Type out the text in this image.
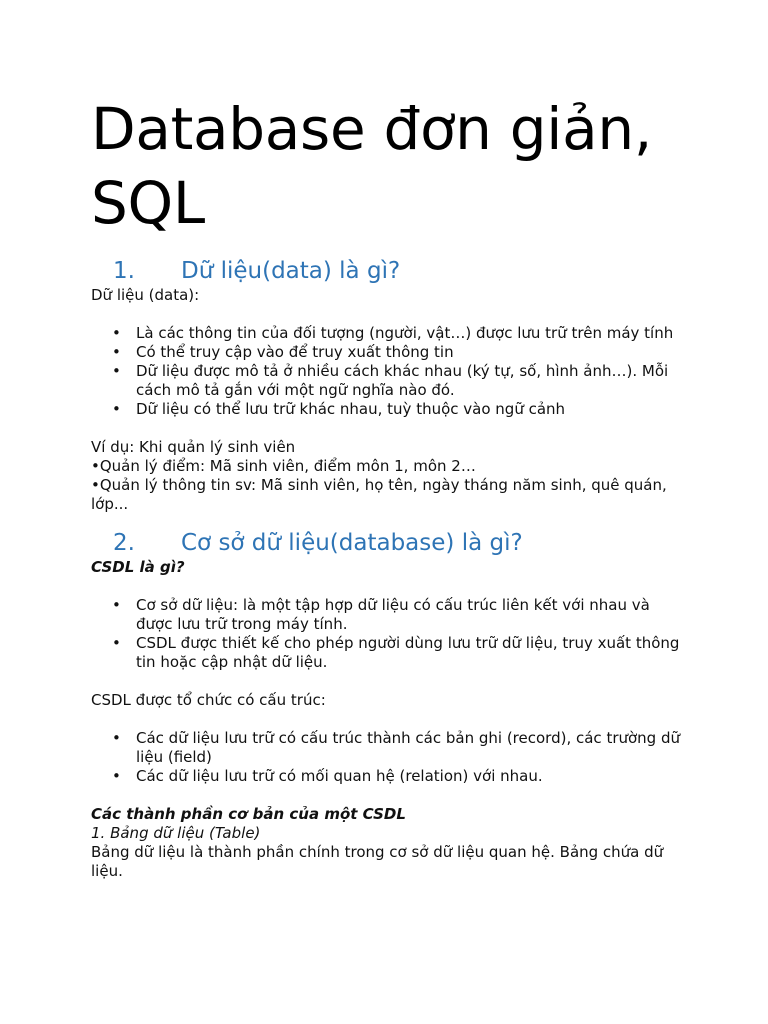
Database đơn giản, SQL
1.	Dữ liệu(data) là gì?

Dữ liệu (data):

• Là các thông tin của đối tượng (người, vật…) được lưu trữ trên máy tính
• Có thể truy cập vào để truy xuất thông tin
• Dữ liệu được mô tả ở nhiều cách khác nhau (ký tự, số, hình ảnh…). Mỗi cách mô tả gắn với một ngữ nghĩa nào đó.
• Dữ liệu có thể lưu trữ khác nhau, tuỳ thuộc vào ngữ cảnh

Ví dụ: Khi quản lý sinh viên

•Quản lý điểm: Mã sinh viên, điểm môn 1, môn 2…

•Quản lý thông tin sv: Mã sinh viên, họ tên, ngày tháng năm sinh, quê quán, lớp...

2.	Cơ sở dữ liệu(database) là gì?

CSDL là gì?

• Cơ sở dữ liệu: là một tập hợp dữ liệu có cấu trúc liên kết với nhau và được lưu trữ trong máy tính.
• CSDL được thiết kế cho phép người dùng lưu trữ dữ liệu, truy xuất thông tin hoặc cập nhật dữ liệu.

CSDL được tổ chức có cấu trúc:

• Các dữ liệu lưu trữ có cấu trúc thành các bản ghi (record), các trường dữ liệu (field)
• Các dữ liệu lưu trữ có mối quan hệ (relation) với nhau.

Các thành phần cơ bản của một CSDL

1. Bảng dữ liệu (Table)

Bảng dữ liệu là thành phần chính trong cơ sở dữ liệu quan hệ. Bảng chứa dữ liệu.
